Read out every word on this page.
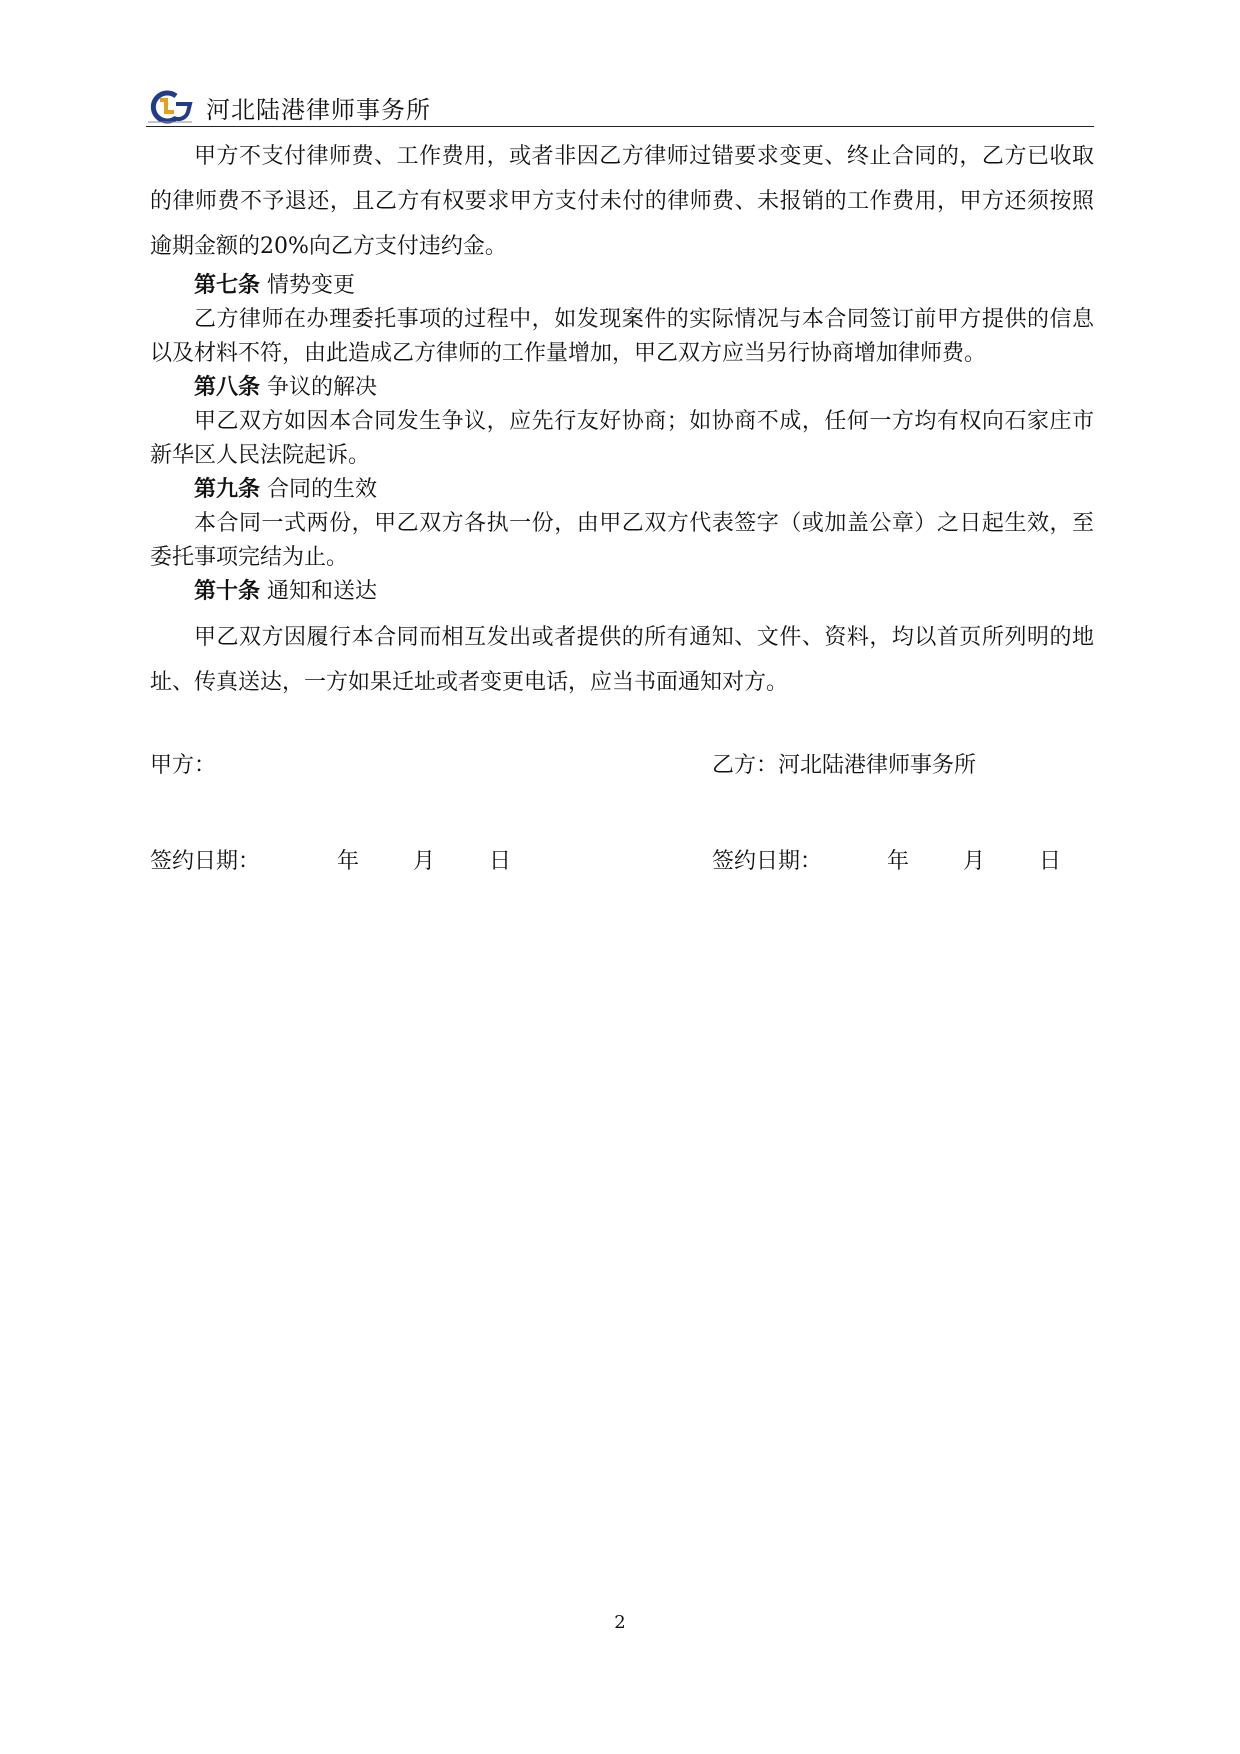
河北陆港律师事务所

甲方不支付律师费、工作费用，或者非因乙方律师过错要求变更、终止合同的，乙方已收取的律师费不予退还，且乙方有权要求甲方支付未付的律师费、未报销的工作费用，甲方还须按照逾期金额的20%向乙方支付违约金。

第七条 情势变更

乙方律师在办理委托事项的过程中，如发现案件的实际情况与本合同签订前甲方提供的信息以及材料不符，由此造成乙方律师的工作量增加，甲乙双方应当另行协商增加律师费。

第八条 争议的解决

甲乙双方如因本合同发生争议，应先行友好协商；如协商不成，任何一方均有权向石家庄市新华区人民法院起诉。

第九条 合同的生效

本合同一式两份，甲乙双方各执一份，由甲乙双方代表签字（或加盖公章）之日起生效，至委托事项完结为止。

第十条 通知和送达

甲乙双方因履行本合同而相互发出或者提供的所有通知、文件、资料，均以首页所列明的地址、传真送达，一方如果迁址或者变更电话，应当书面通知对方。

甲方：	乙方：河北陆港律师事务所
签约日期：	年 月 日	签约日期：	年 月 日
2
